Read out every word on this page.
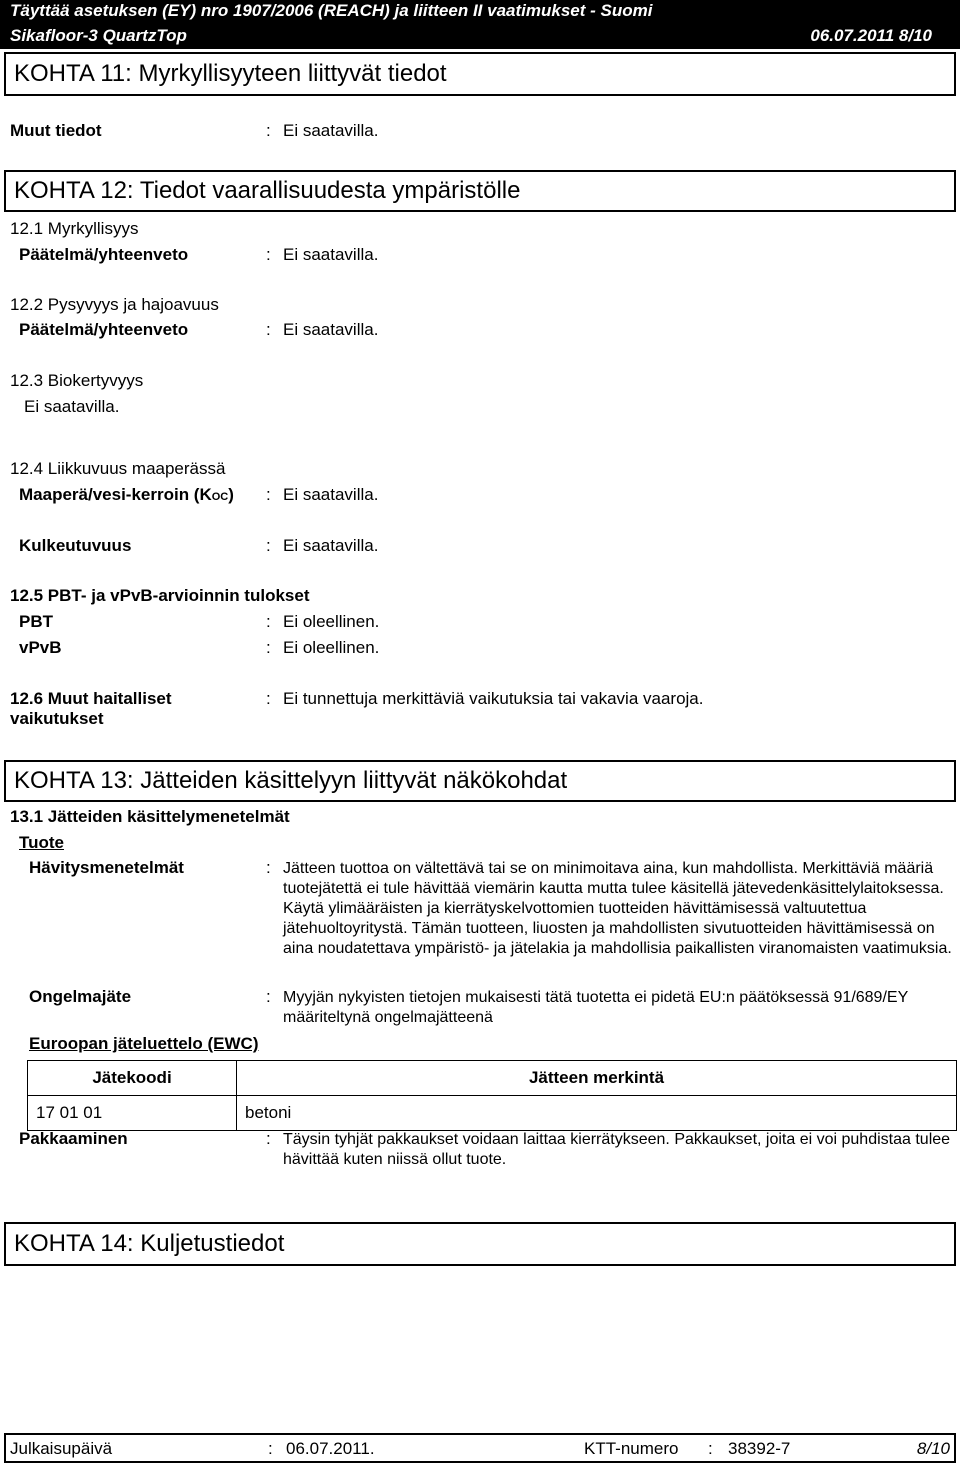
Täyttää asetuksen (EY) nro 1907/2006 (REACH) ja liitteen II vaatimukset - Suomi
Sikafloor-3 QuartzTop	06.07.2011 8/10
KOHTA 11: Myrkyllisyyteen liittyvät tiedot
Muut tiedot	: Ei saatavilla.
KOHTA 12: Tiedot vaarallisuudesta ympäristölle
12.1 Myrkyllisyys
Päätelmä/yhteenveto	: Ei saatavilla.
12.2 Pysyvyys ja hajoavuus
Päätelmä/yhteenveto	: Ei saatavilla.
12.3 Biokertyvyys
Ei saatavilla.
12.4 Liikkuvuus maaperässä
Maaperä/vesi-kerroin (KOC) : Ei saatavilla.
Kulkeutuvuus	: Ei saatavilla.
12.5 PBT- ja vPvB-arvioinnin tulokset
PBT	: Ei oleellinen.
vPvB	: Ei oleellinen.
12.6 Muut haitalliset
vaikutukset
: Ei tunnettuja merkittäviä vaikutuksia tai vakavia vaaroja.
KOHTA 13: Jätteiden käsittelyyn liittyvät näkökohdat
13.1 Jätteiden käsittelymenetelmät
Tuote
Hävitysmenetelmät	: Jätteen tuottoa on vältettävä tai se on minimoitava aina, kun mahdollista. Merkittäviä määriä tuotejätettä ei tule hävittää viemärin kautta mutta tulee käsitellä jätevedenkäsittelylaitoksessa. Käytä ylimääräisten ja kierrätyskelvottomien tuotteiden hävittämisessä valtuutettua jätehuoltoyritystä. Tämän tuotteen, liuosten ja mahdollisten sivutuotteiden hävittämisessä on aina noudatettava ympäristö- ja jätelakia ja mahdollisia paikallisten viranomaisten vaatimuksia.
Ongelmajäte	: Myyjän nykyisten tietojen mukaisesti tätä tuotetta ei pidetä EU:n päätöksessä 91/689/EY määriteltynä ongelmajätteenä
Euroopan jäteluettelo (EWC)
Jätekoodi	Jätteen merkintä
17 01 01	betoni
Pakkaaminen	: Täysin tyhjät pakkaukset voidaan laittaa kierrätykseen. Pakkaukset, joita ei voi puhdistaa tulee hävittää kuten niissä ollut tuote.
KOHTA 14: Kuljetustiedot
Julkaisupäivä	: 06.07.2011.	KTT-numero : 38392-7	8/10
